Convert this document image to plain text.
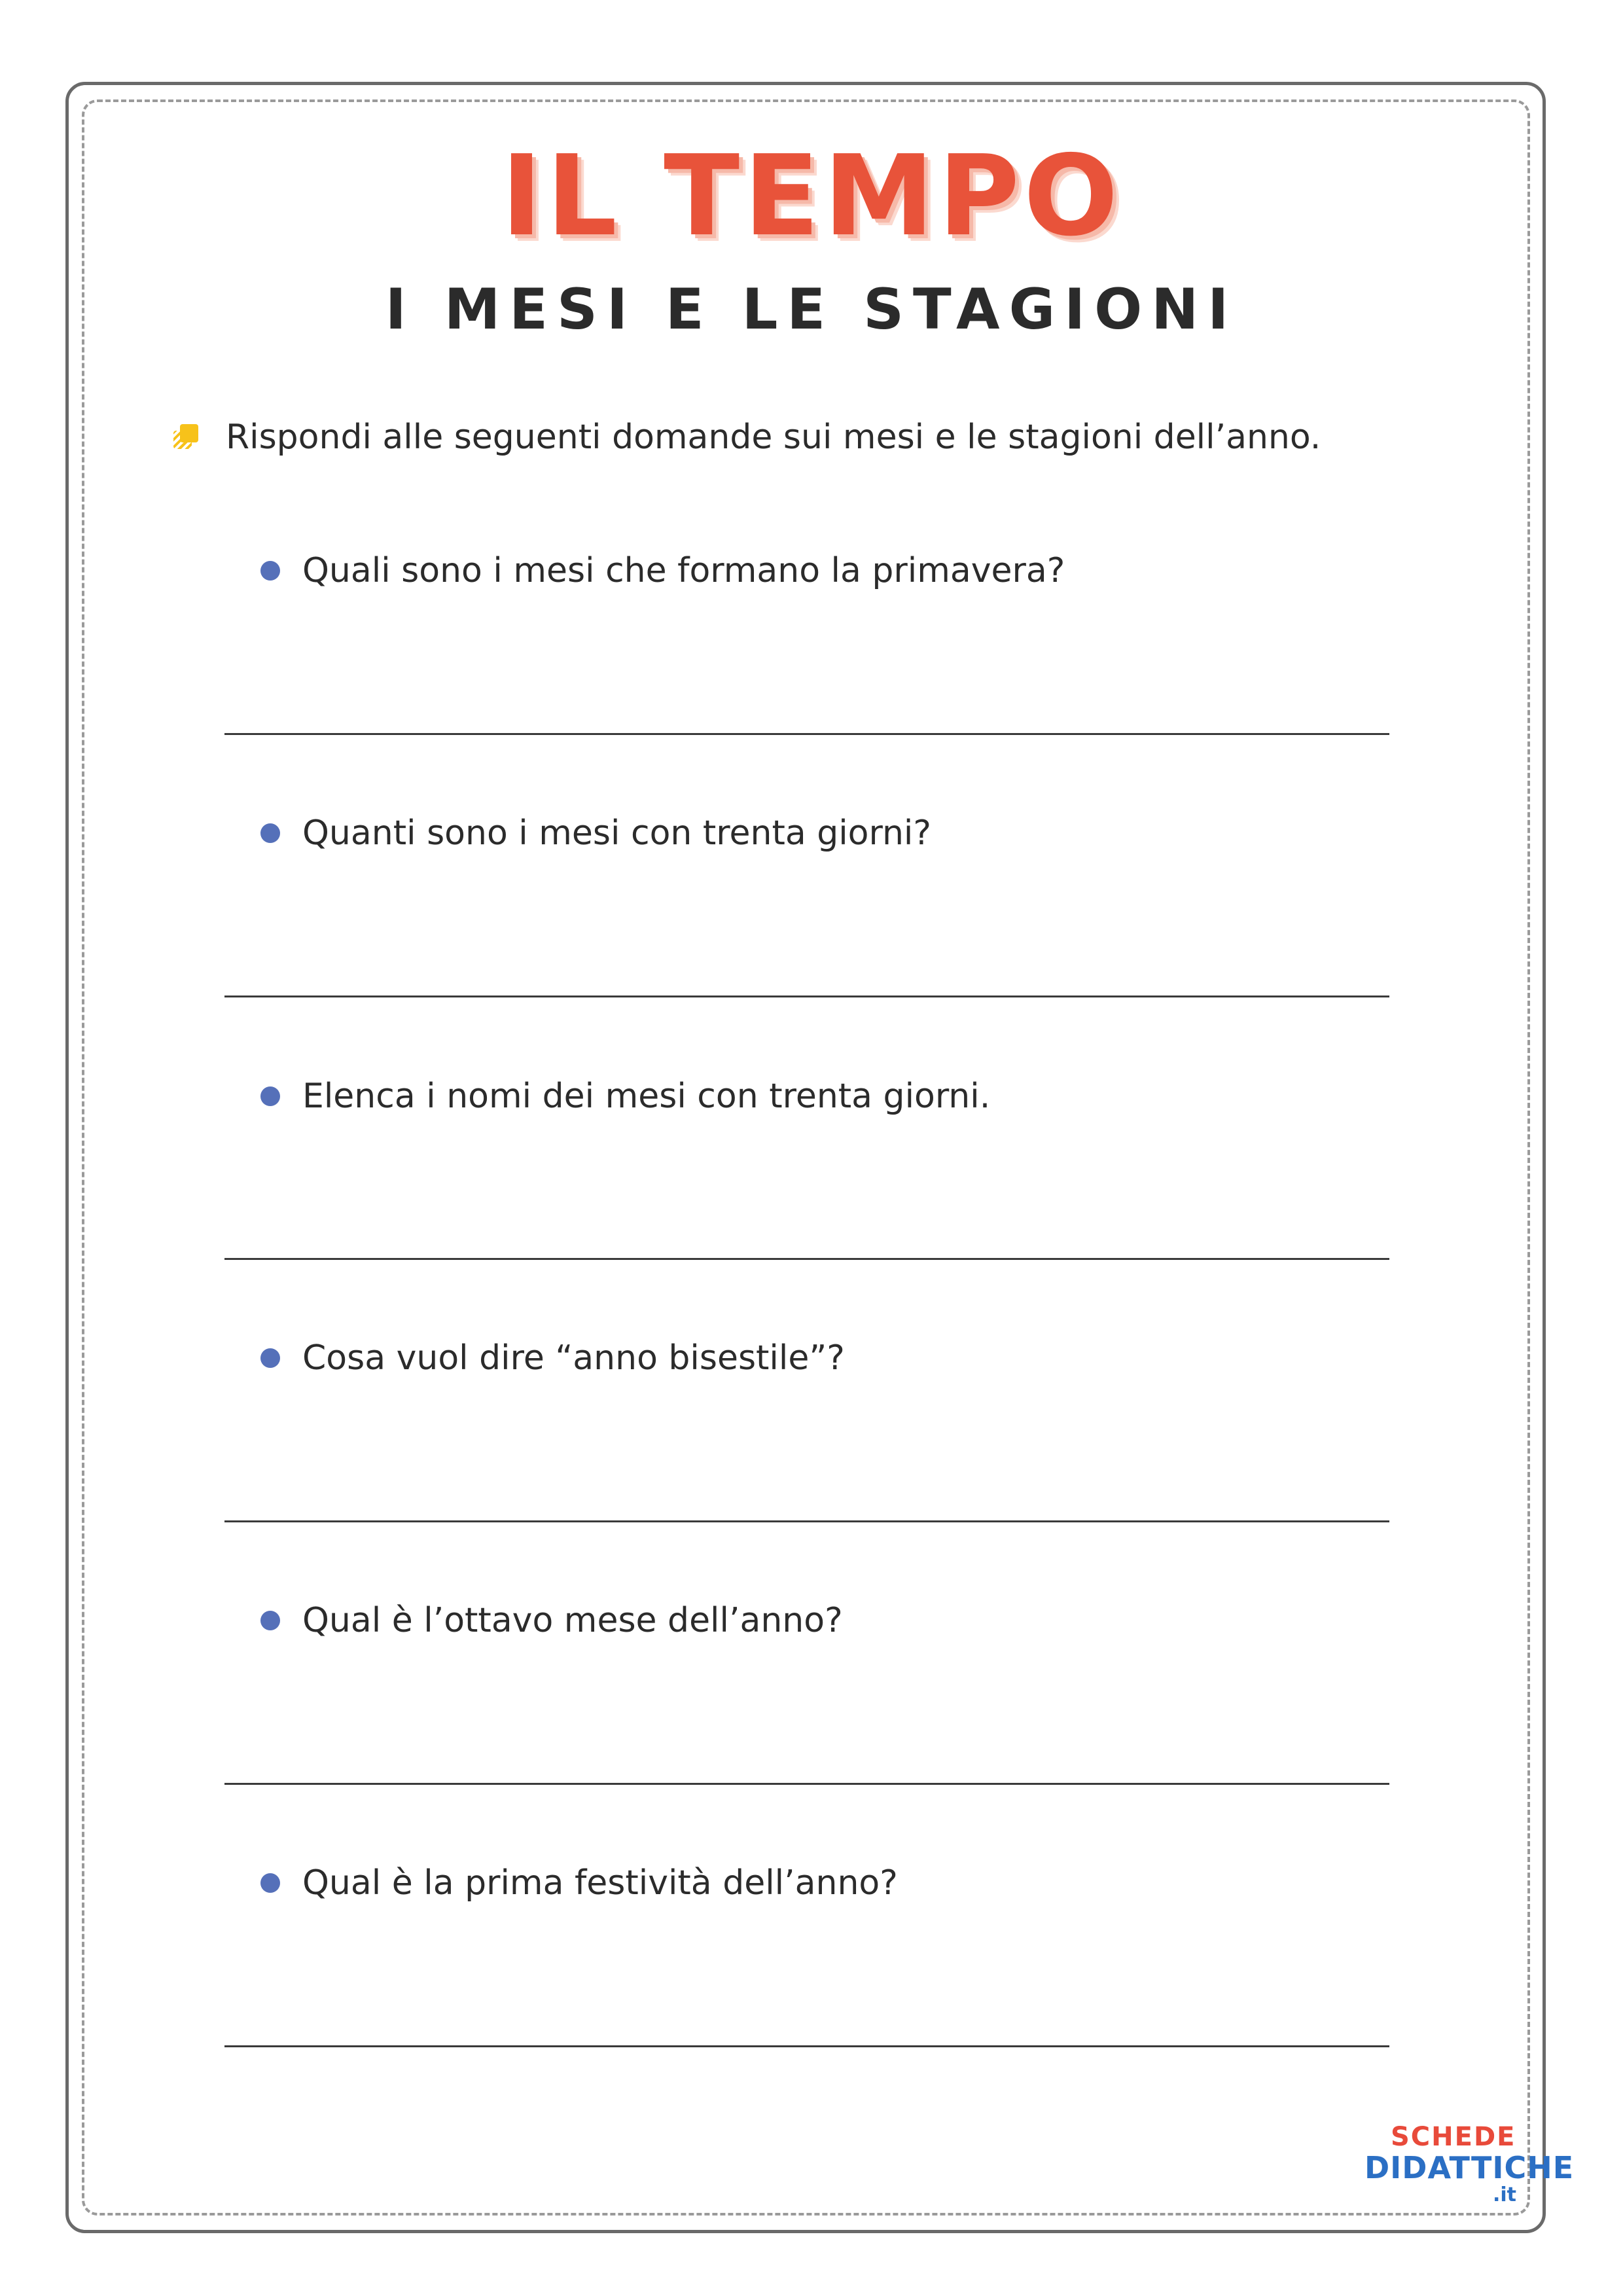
IL TEMPO
I MESI E LE STAGIONI
Rispondi alle seguenti domande sui mesi e le stagioni dell’anno.
Quali sono i mesi che formano la primavera?
Quanti sono i mesi con trenta giorni?
Elenca i nomi dei mesi con trenta giorni.
Cosa vuol dire “anno bisestile”?
Qual è l’ottavo mese dell’anno?
Qual è la prima festività dell’anno?
SCHEDE
DIDATTICHE
.it
